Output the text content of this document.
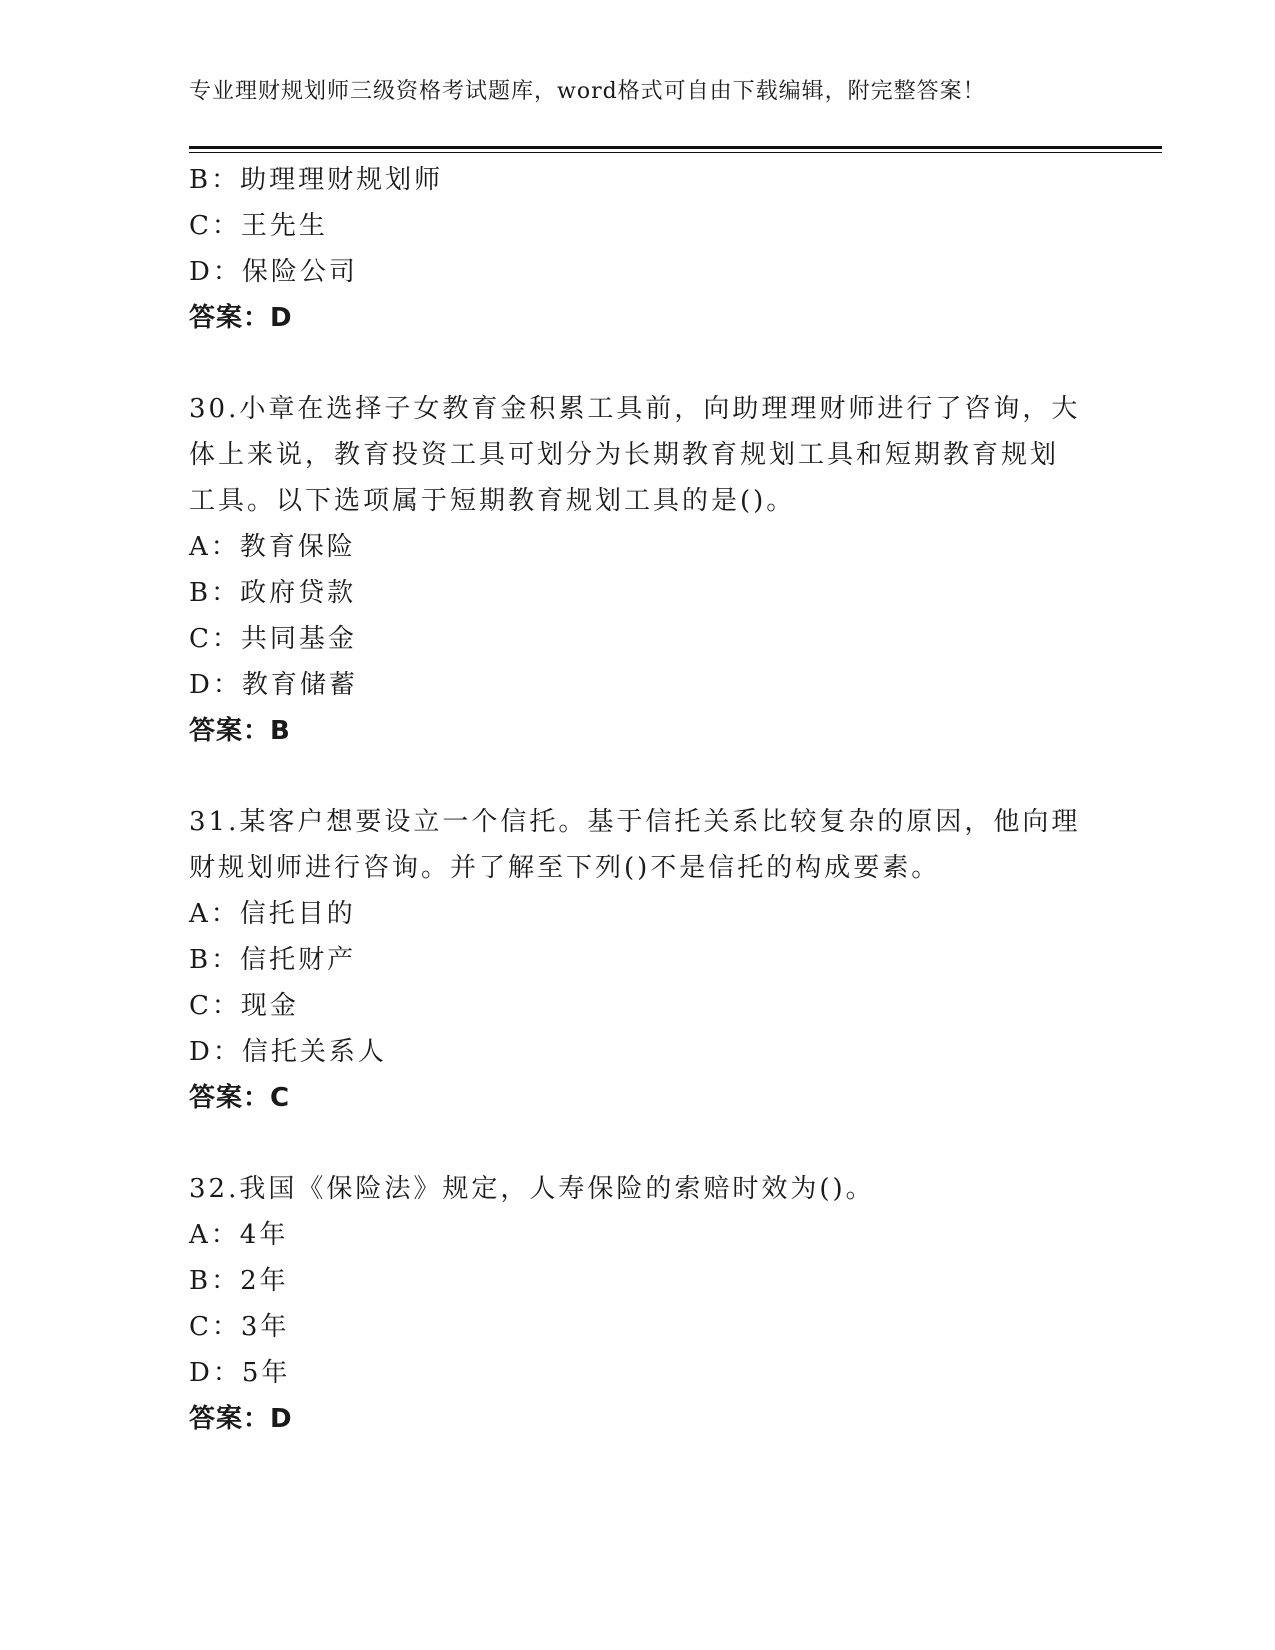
专业理财规划师三级资格考试题库，word格式可自由下载编辑，附完整答案！
B：助理理财规划师
C：王先生
D：保险公司
答案：D
30.小章在选择子女教育金积累工具前，向助理理财师进行了咨询，大
体上来说，教育投资工具可划分为长期教育规划工具和短期教育规划
工具。以下选项属于短期教育规划工具的是()。
A：教育保险
B：政府贷款
C：共同基金
D：教育储蓄
答案：B
31.某客户想要设立一个信托。基于信托关系比较复杂的原因，他向理
财规划师进行咨询。并了解至下列()不是信托的构成要素。
A：信托目的
B：信托财产
C：现金
D：信托关系人
答案：C
32.我国《保险法》规定，人寿保险的索赔时效为()。
A：4年
B：2年
C：3年
D：5年
答案：D
